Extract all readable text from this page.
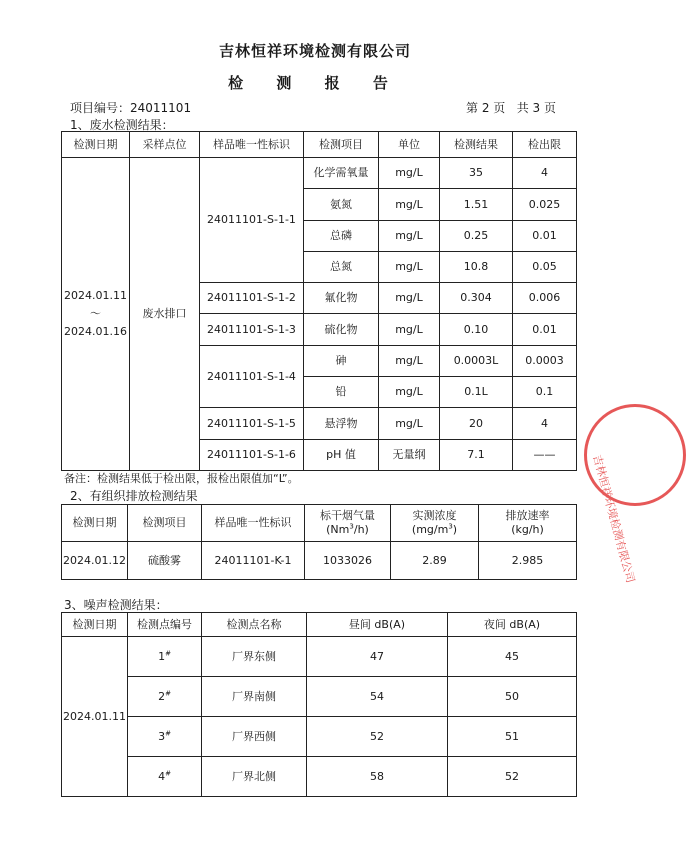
吉林恒祥环境检测有限公司
检 测 报 告
项目编号：24011101	第 2 页   共 3 页
1、废水检测结果：
检测日期	采样点位	样品唯一性标识	检测项目	单位	检测结果	检出限

2024.01.11
～
2024.01.16	废水排口	24011101-S-1-1	化学需氧量	mg/L	35	4
			氨氮	mg/L	1.51	0.025
			总磷	mg/L	0.25	0.01
			总氮	mg/L	10.8	0.05
		24011101-S-1-2	氟化物	mg/L	0.304	0.006
		24011101-S-1-3	硫化物	mg/L	0.10	0.01
		24011101-S-1-4	砷	mg/L	0.0003L	0.0003
			铅	mg/L	0.1L	0.1
		24011101-S-1-5	悬浮物	mg/L	20	4
		24011101-S-1-6	pH 值	无量纲	7.1	——
备注：检测结果低于检出限，报检出限值加“L”。
2、有组织排放检测结果
检测日期	检测项目	样品唯一性标识	标干烟气量
(Nm$^3$/h)	实测浓度
$(mg/m^3)$	排放速率
(kg/h)
2024.01.12	硫酸雾	24011101-K-1	1033026	2.89	2.985
3、噪声检测结果：
检测日期	检测点编号	检测点名称	昼间 dB(A)	夜间 dB(A)
2024.01.11	1#	厂界东侧	47	45
	2#	厂界南侧	54	50
	3#	厂界西侧	52	51
	4#	厂界北侧	58	52
吉林恒祥环境检测有限公司
